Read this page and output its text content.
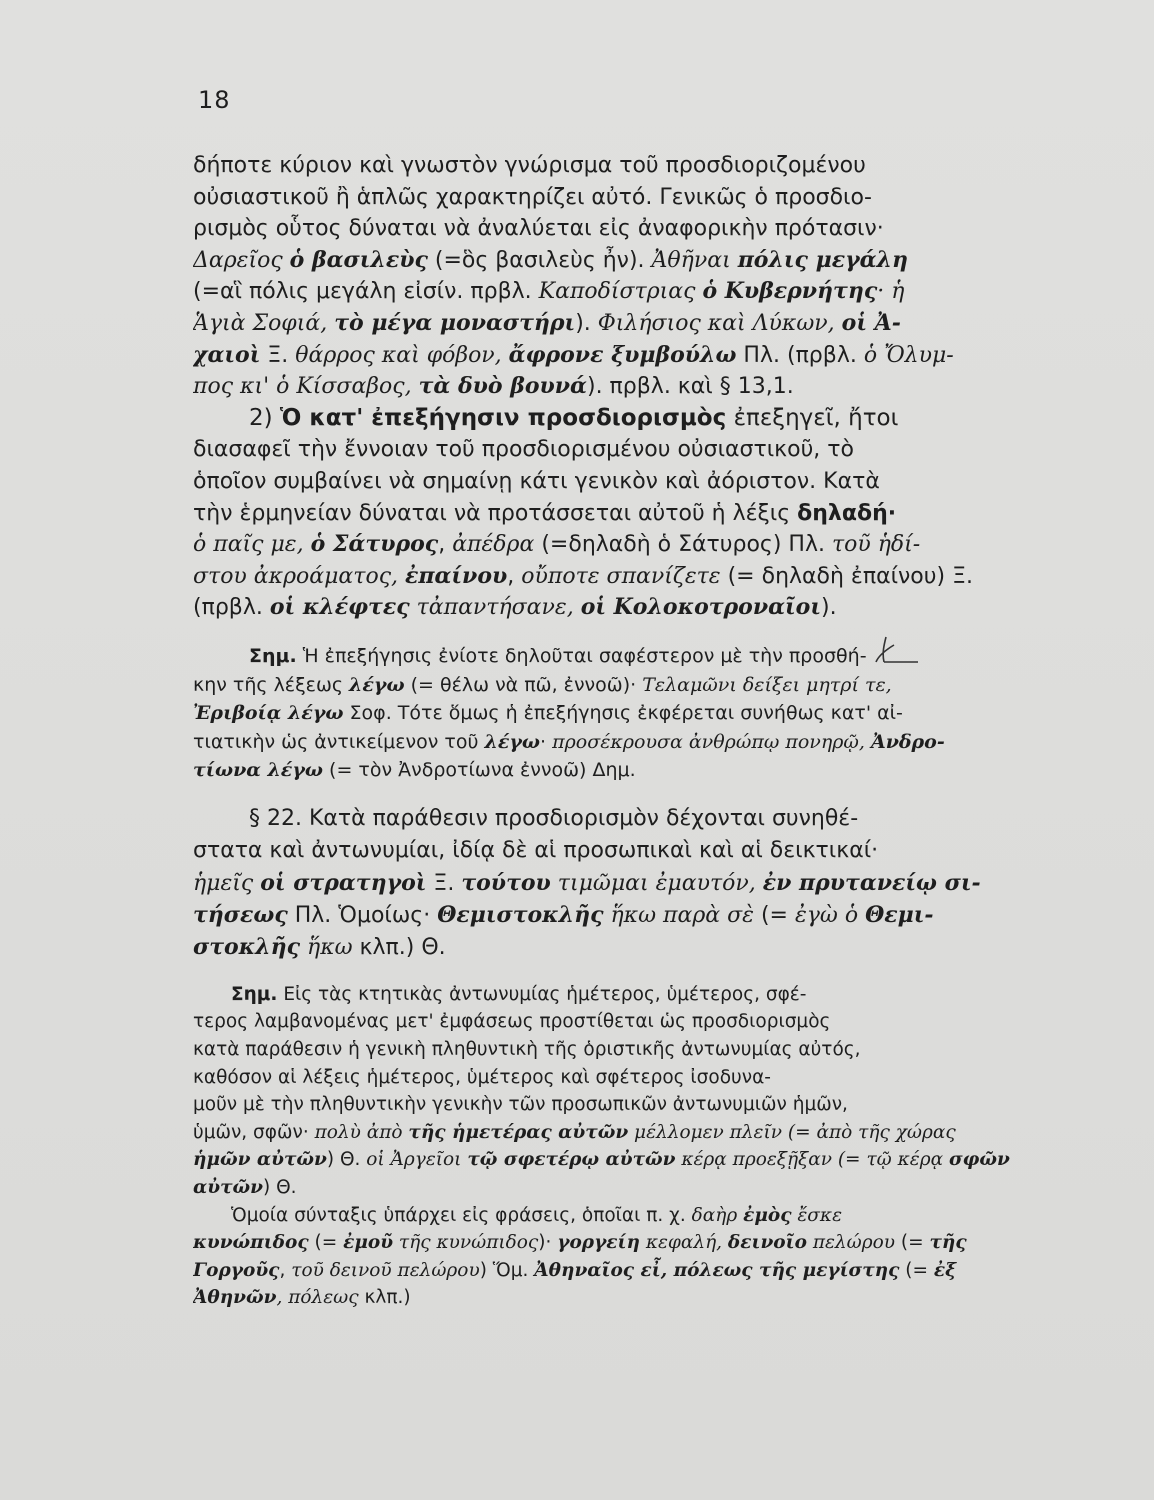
18
δήποτε κύριον καὶ γνωστὸν γνώρισμα τοῦ προσδιοριζομένου
οὐσιαστικοῦ ἢ ἁπλῶς χαρακτηρίζει αὐτό. Γενικῶς ὁ προσδιο-
ρισμὸς οὗτος δύναται νὰ ἀναλύεται εἰς ἀναφορικὴν πρότασιν·
Δαρεῖος ὁ βασιλεὺς (=ὃς βασιλεὺς ἦν). Ἀθῆναι πόλις μεγάλη
(=αἳ πόλις μεγάλη εἰσίν. πρβλ. Καποδίστριας ὁ Κυβερνήτης· ἡ
Ἁγιὰ Σοφιά, τὸ μέγα μοναστήρι). Φιλήσιος καὶ Λύκων, οἱ Ἀ-
χαιοὶ Ξ. θάρρος καὶ φόβον, ἄφρονε ξυμβούλω Πλ. (πρβλ. ὁ Ὄλυμ-
πος κι' ὁ Κίσσαβος, τὰ δυὸ βουνά). πρβλ. καὶ § 13,1.
2) Ὁ κατ' ἐπεξήγησιν προσδιορισμὸς ἐπεξηγεῖ, ἤτοι
διασαφεῖ τὴν ἔννοιαν τοῦ προσδιορισμένου οὐσιαστικοῦ, τὸ
ὁποῖον συμβαίνει νὰ σημαίνῃ κάτι γενικὸν καὶ ἀόριστον. Κατὰ
τὴν ἑρμηνείαν δύναται νὰ προτάσσεται αὐτοῦ ἡ λέξις δηλαδή·
ὁ παῖς με, ὁ Σάτυρος, ἀπέδρα (=δηλαδὴ ὁ Σάτυρος) Πλ. τοῦ ἡδί-
στου ἀκροάματος, ἐπαίνου, οὔποτε σπανίζετε (= δηλαδὴ ἐπαίνου) Ξ.
(πρβλ. οἱ κλέφτες τἀπαντήσανε, οἱ Κολοκοτροναῖοι).
Σημ. Ἡ ἐπεξήγησις ἐνίοτε δηλοῦται σαφέστερον μὲ τὴν προσθή-
κην τῆς λέξεως λέγω (= θέλω νὰ πῶ, ἐννοῶ)· Τελαμῶνι δείξει μητρί τε,
Ἐριβοίᾳ λέγω Σοφ. Τότε ὅμως ἡ ἐπεξήγησις ἐκφέρεται συνήθως κατ' αἰ-
τιατικὴν ὡς ἀντικείμενον τοῦ λέγω· προσέκρουσα ἀνθρώπῳ πονηρῷ, Ἀνδρο-
τίωνα λέγω (= τὸν Ἀνδροτίωνα ἐννοῶ) Δημ.
§ 22. Κατὰ παράθεσιν προσδιορισμὸν δέχονται συνηθέ-
στατα καὶ ἀντωνυμίαι, ἰδίᾳ δὲ αἱ προσωπικαὶ καὶ αἱ δεικτικαί·
ἡμεῖς οἱ στρατηγοὶ Ξ. τούτου τιμῶμαι ἐμαυτόν, ἐν πρυτανείῳ σι-
τήσεως Πλ. Ὁμοίως· Θεμιστοκλῆς ἥκω παρὰ σὲ (= ἐγὼ ὁ Θεμι-
στοκλῆς ἥκω κλπ.) Θ.
Σημ. Εἰς τὰς κτητικὰς ἀντωνυμίας ἡμέτερος, ὑμέτερος, σφέ-
τερος λαμβανομένας μετ' ἐμφάσεως προστίθεται ὡς προσδιορισμὸς
κατὰ παράθεσιν ἡ γενικὴ πληθυντικὴ τῆς ὁριστικῆς ἀντωνυμίας αὐτός,
καθόσον αἱ λέξεις ἡμέτερος, ὑμέτερος καὶ σφέτερος ἰσοδυνα-
μοῦν μὲ τὴν πληθυντικὴν γενικὴν τῶν προσωπικῶν ἀντωνυμιῶν ἡμῶν,
ὑμῶν, σφῶν· πολὺ ἀπὸ τῆς ἡμετέρας αὐτῶν μέλλομεν πλεῖν (= ἀπὸ τῆς χώρας
ἡμῶν αὐτῶν) Θ. οἱ Ἀργεῖοι τῷ σφετέρῳ αὐτῶν κέρᾳ προεξῇξαν (= τῷ κέρᾳ σφῶν
αὐτῶν) Θ.
Ὁμοία σύνταξις ὑπάρχει εἰς φράσεις, ὁποῖαι π. χ. δαὴρ ἐμὸς ἔσκε
κυνώπιδος (= ἐμοῦ τῆς κυνώπιδος)· γοργείη κεφαλή, δεινοῖο πελώρου (= τῆς
Γοργοῦς, τοῦ δεινοῦ πελώρου) Ὅμ. Ἀθηναῖος εἶ, πόλεως τῆς μεγίστης (= ἐξ
Ἀθηνῶν, πόλεως κλπ.)
